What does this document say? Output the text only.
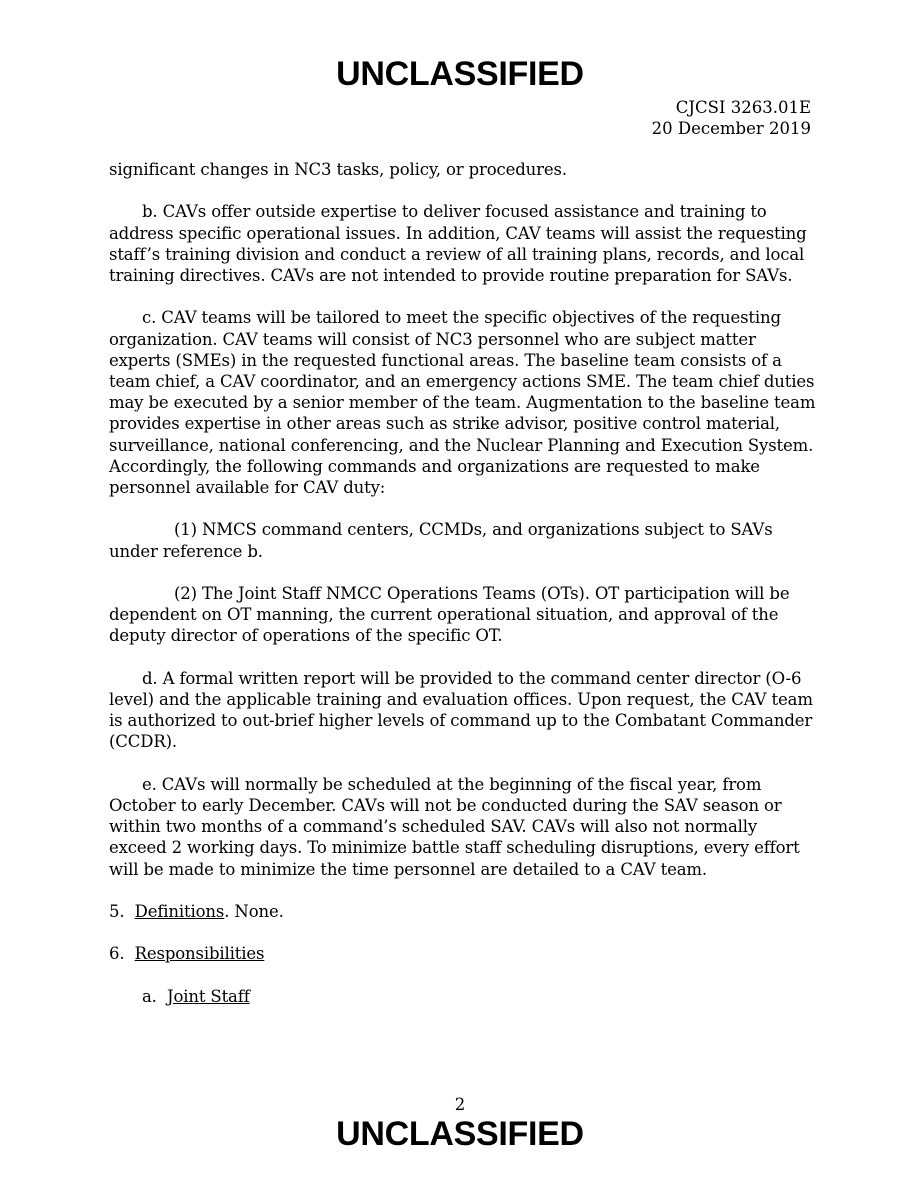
UNCLASSIFIED
CJCSI 3263.01E
20 December 2019

significant changes in NC3 tasks, policy, or procedures.

b. CAVs offer outside expertise to deliver focused assistance and training to address specific operational issues. In addition, CAV teams will assist the requesting staff’s training division and conduct a review of all training plans, records, and local training directives. CAVs are not intended to provide routine preparation for SAVs.

c. CAV teams will be tailored to meet the specific objectives of the requesting organization. CAV teams will consist of NC3 personnel who are subject matter experts (SMEs) in the requested functional areas. The baseline team consists of a team chief, a CAV coordinator, and an emergency actions SME. The team chief duties may be executed by a senior member of the team. Augmentation to the baseline team provides expertise in other areas such as strike advisor, positive control material, surveillance, national conferencing, and the Nuclear Planning and Execution System. Accordingly, the following commands and organizations are requested to make personnel available for CAV duty:

(1) NMCS command centers, CCMDs, and organizations subject to SAVs under reference b.

(2) The Joint Staff NMCC Operations Teams (OTs). OT participation will be dependent on OT manning, the current operational situation, and approval of the deputy director of operations of the specific OT.

d. A formal written report will be provided to the command center director (O-6 level) and the applicable training and evaluation offices. Upon request, the CAV team is authorized to out-brief higher levels of command up to the Combatant Commander (CCDR).

e. CAVs will normally be scheduled at the beginning of the fiscal year, from October to early December. CAVs will not be conducted during the SAV season or within two months of a command’s scheduled SAV. CAVs will also not normally exceed 2 working days. To minimize battle staff scheduling disruptions, every effort will be made to minimize the time personnel are detailed to a CAV team.

5. Definitions. None.

6. Responsibilities

a. Joint Staff

2
UNCLASSIFIED
